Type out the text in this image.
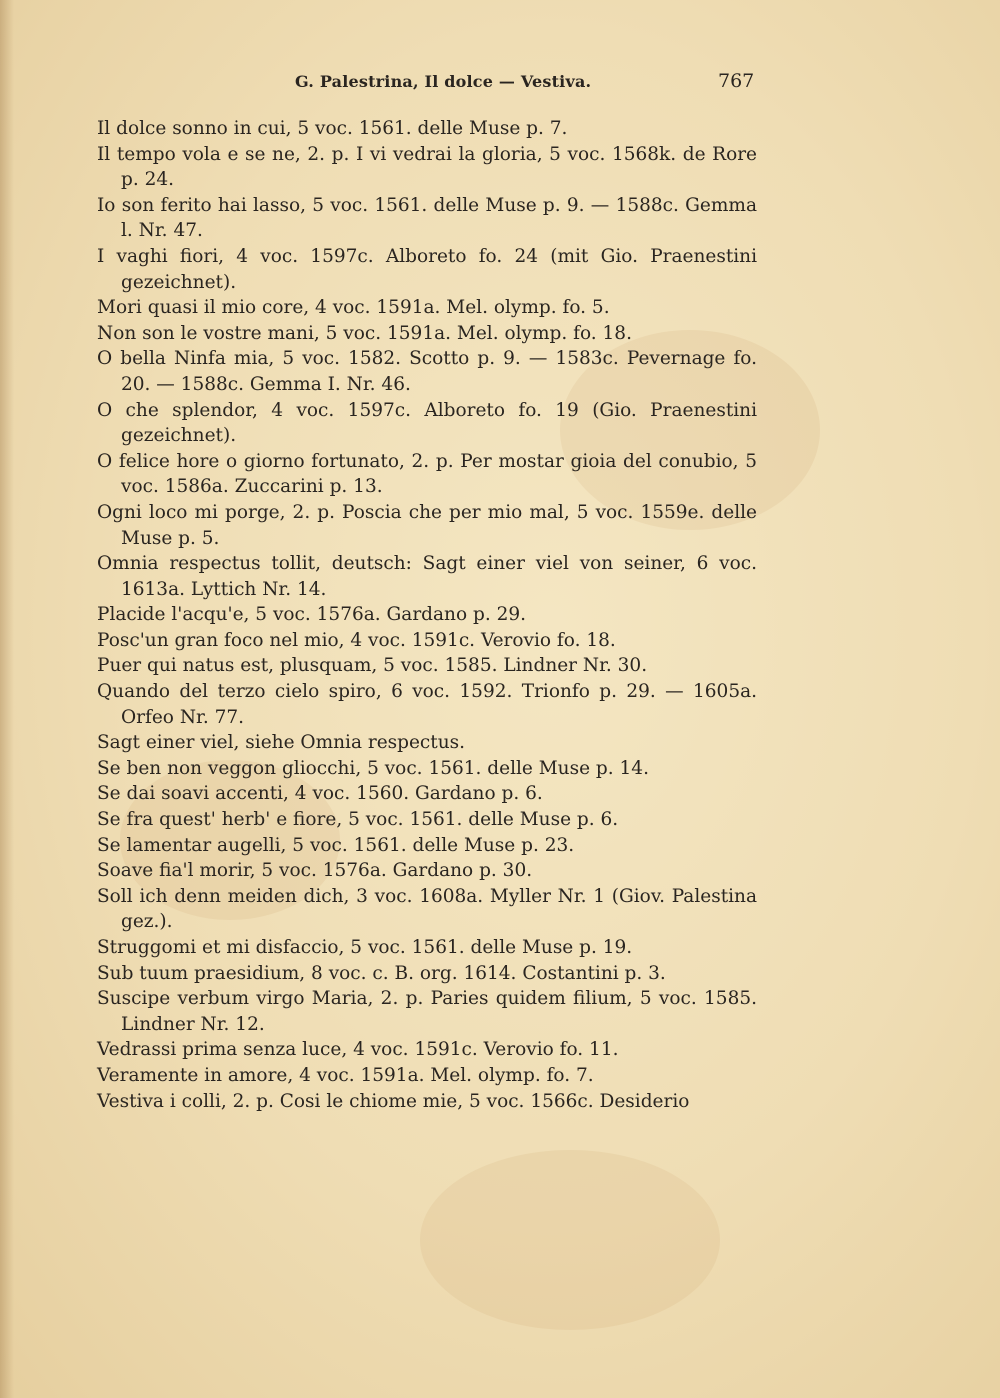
G. Palestrina, Il dolce — Vestiva.	767

Il dolce sonno in cui, 5 voc. 1561. delle Muse p. 7.

Il tempo vola e se ne, 2. p. I vi vedrai la gloria, 5 voc. 1568k. de Rore p. 24.

Io son ferito hai lasso, 5 voc. 1561. delle Muse p. 9. — 1588c. Gemma l. Nr. 47.

I vaghi fiori, 4 voc. 1597c. Alboreto fo. 24 (mit Gio. Praenestini gezeichnet).

Mori quasi il mio core, 4 voc. 1591a. Mel. olymp. fo. 5.

Non son le vostre mani, 5 voc. 1591a. Mel. olymp. fo. 18.

O bella Ninfa mia, 5 voc. 1582. Scotto p. 9. — 1583c. Pevernage fo. 20. — 1588c. Gemma I. Nr. 46.

O che splendor, 4 voc. 1597c. Alboreto fo. 19 (Gio. Praenestini gezeichnet).

O felice hore o giorno fortunato, 2. p. Per mostar gioia del conubio, 5 voc. 1586a. Zuccarini p. 13.

Ogni loco mi porge, 2. p. Poscia che per mio mal, 5 voc. 1559e. delle Muse p. 5.

Omnia respectus tollit, deutsch: Sagt einer viel von seiner, 6 voc. 1613a. Lyttich Nr. 14.

Placide l'acqu'e, 5 voc. 1576a. Gardano p. 29.

Posc'un gran foco nel mio, 4 voc. 1591c. Verovio fo. 18.

Puer qui natus est, plusquam, 5 voc. 1585. Lindner Nr. 30.

Quando del terzo cielo spiro, 6 voc. 1592. Trionfo p. 29. — 1605a. Orfeo Nr. 77.

Sagt einer viel, siehe Omnia respectus.

Se ben non veggon gliocchi, 5 voc. 1561. delle Muse p. 14.

Se dai soavi accenti, 4 voc. 1560. Gardano p. 6.

Se fra quest' herb' e fiore, 5 voc. 1561. delle Muse p. 6.

Se lamentar augelli, 5 voc. 1561. delle Muse p. 23.

Soave fia'l morir, 5 voc. 1576a. Gardano p. 30.

Soll ich denn meiden dich, 3 voc. 1608a. Myller Nr. 1 (Giov. Palestina gez.).

Struggomi et mi disfaccio, 5 voc. 1561. delle Muse p. 19.

Sub tuum praesidium, 8 voc. c. B. org. 1614. Costantini p. 3.

Suscipe verbum virgo Maria, 2. p. Paries quidem filium, 5 voc. 1585. Lindner Nr. 12.

Vedrassi prima senza luce, 4 voc. 1591c. Verovio fo. 11.

Veramente in amore, 4 voc. 1591a. Mel. olymp. fo. 7.

Vestiva i colli, 2. p. Cosi le chiome mie, 5 voc. 1566c. Desiderio
